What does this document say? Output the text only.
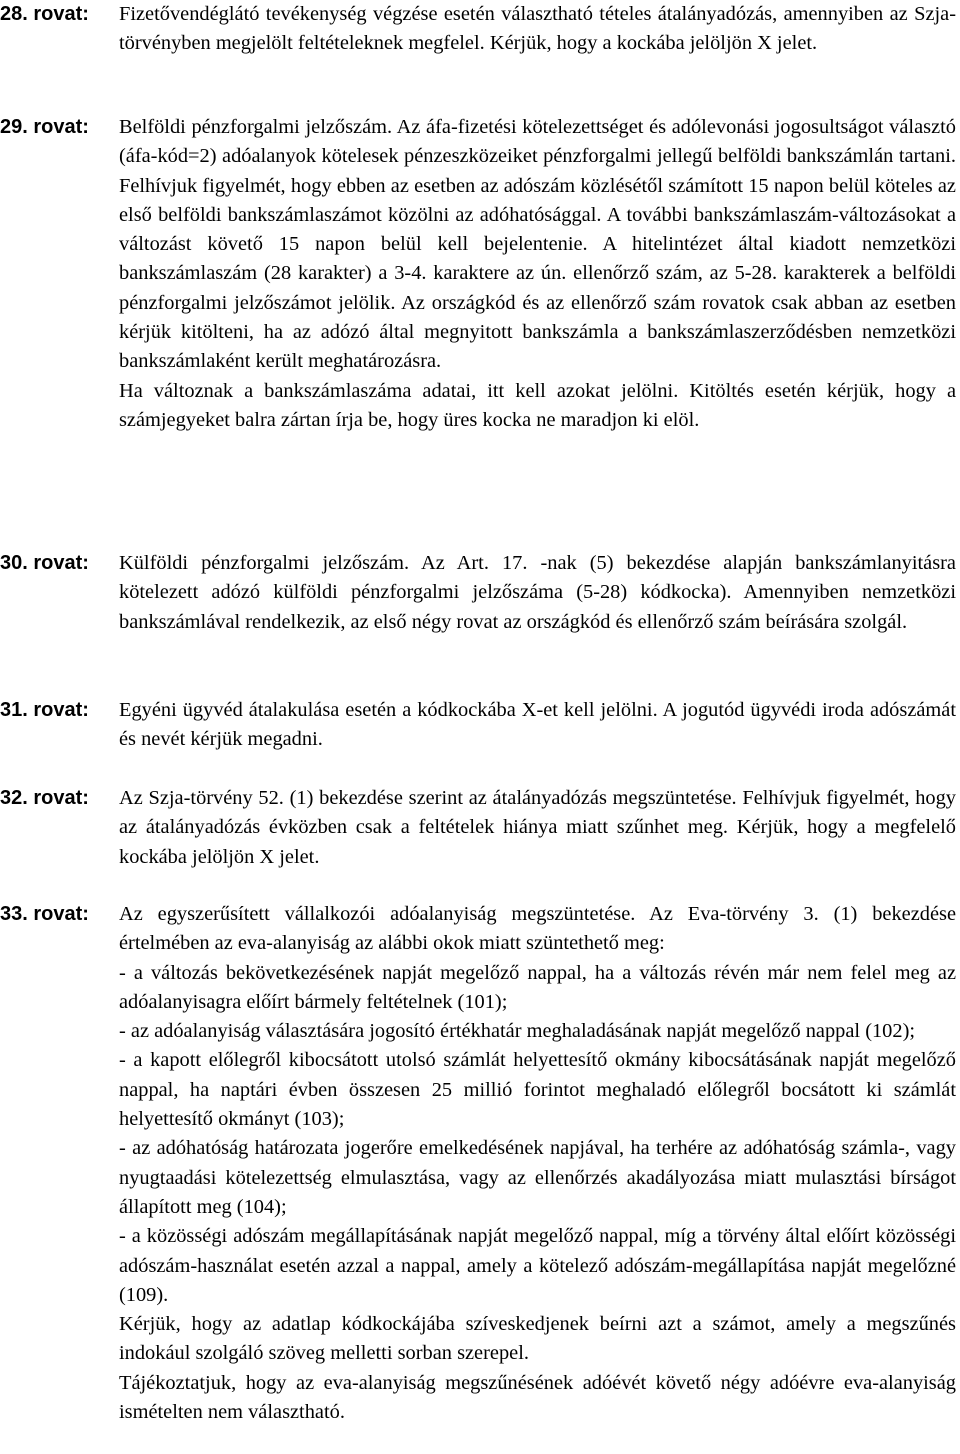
28. rovat: Fizetővendéglátó tevékenység végzése esetén választható tételes átalányadózás, amennyiben az Szja-törvényben megjelölt feltételeknek megfelel. Kérjük, hogy a kockába jelöljön X jelet.

29. rovat: Belföldi pénzforgalmi jelzőszám. Az áfa-fizetési kötelezettséget és adólevonási jogosultságot választó (áfa-kód=2) adóalanyok kötelesek pénzeszközeiket pénzforgalmi jellegű belföldi bankszámlán tartani. Felhívjuk figyelmét, hogy ebben az esetben az adószám közlésétől számított 15 napon belül köteles az első belföldi bankszámlaszámot közölni az adóhatósággal. A további bankszámlaszám-változásokat a változást követő 15 napon belül kell bejelentenie. A hitelintézet által kiadott nemzetközi bankszámlaszám (28 karakter) a 3-4. karaktere az ún. ellenőrző szám, az 5-28. karakterek a belföldi pénzforgalmi jelzőszámot jelölik. Az országkód és az ellenőrző szám rovatok csak abban az esetben kérjük kitölteni, ha az adózó által megnyitott bankszámla a bankszámlaszerződésben nemzetközi bankszámlaként került meghatározásra.

Ha változnak a bankszámlaszáma adatai, itt kell azokat jelölni. Kitöltés esetén kérjük, hogy a számjegyeket balra zártan írja be, hogy üres kocka ne maradjon ki elöl.

30. rovat: Külföldi pénzforgalmi jelzőszám. Az Art. 17. -nak (5) bekezdése alapján bankszámlanyitásra kötelezett adózó külföldi pénzforgalmi jelzőszáma (5-28) kódkocka). Amennyiben nemzetközi bankszámlával rendelkezik, az első négy rovat az országkód és ellenőrző szám beírására szolgál.

31. rovat: Egyéni ügyvéd átalakulása esetén a kódkockába X-et kell jelölni. A jogutód ügyvédi iroda adószámát és nevét kérjük megadni.

32. rovat: Az Szja-törvény 52. (1) bekezdése szerint az átalányadózás megszüntetése. Felhívjuk figyelmét, hogy az átalányadózás évközben csak a feltételek hiánya miatt szűnhet meg. Kérjük, hogy a megfelelő kockába jelöljön X jelet.

33. rovat: Az egyszerűsített vállalkozói adóalanyiság megszüntetése. Az Eva-törvény 3. (1) bekezdése értelmében az eva-alanyiság az alábbi okok miatt szüntethető meg:

- a változás bekövetkezésének napját megelőző nappal, ha a változás révén már nem felel meg az adóalanyisagra előírt bármely feltételnek (101);

- az adóalanyiság választására jogosító értékhatár meghaladásának napját megelőző nappal (102);

- a kapott előlegről kibocsátott utolsó számlát helyettesítő okmány kibocsátásának napját megelőző nappal, ha naptári évben összesen 25 millió forintot meghaladó előlegről bocsátott ki számlát helyettesítő okmányt (103);

- az adóhatóság határozata jogerőre emelkedésének napjával, ha terhére az adóhatóság számla-, vagy nyugtaadási kötelezettség elmulasztása, vagy az ellenőrzés akadályozása miatt mulasztási bírságot állapított meg (104);

- a közösségi adószám megállapításának napját megelőző nappal, míg a törvény által előírt közösségi adószám-használat esetén azzal a nappal, amely a kötelező adószám-megállapítása napját megelőzné (109).

Kérjük, hogy az adatlap kódkockájába szíveskedjenek beírni azt a számot, amely a megszűnés indokául szolgáló szöveg melletti sorban szerepel.

Tájékoztatjuk, hogy az eva-alanyiság megszűnésének adóévét követő négy adóévre eva-alanyiság ismételten nem választható.
